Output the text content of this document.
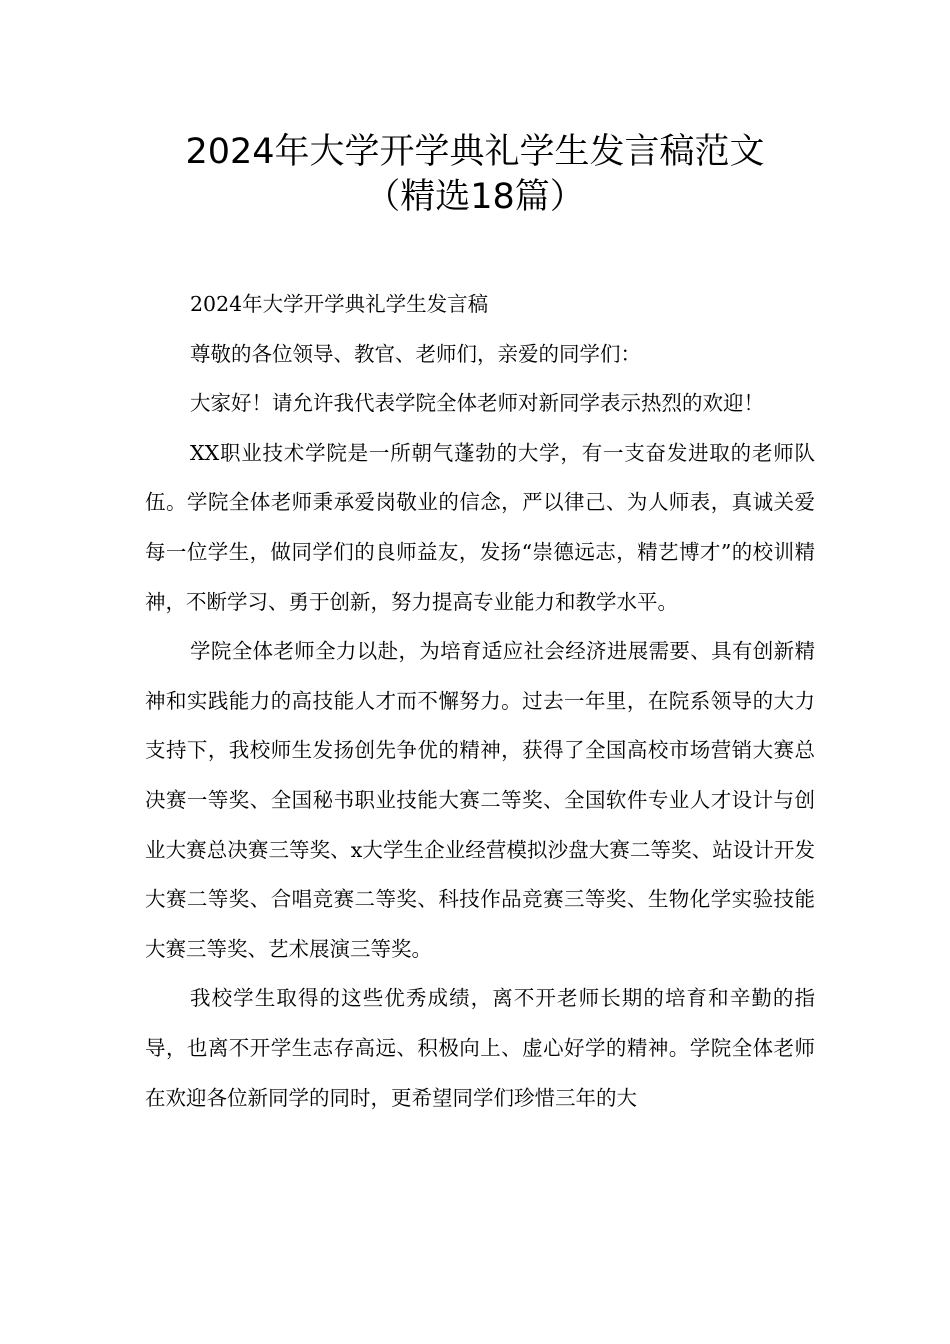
2024年大学开学典礼学生发言稿范文
（精选18篇）

2024年大学开学典礼学生发言稿

尊敬的各位领导、教官、老师们，亲爱的同学们：

大家好！请允许我代表学院全体老师对新同学表示热烈的欢迎！

XX职业技术学院是一所朝气蓬勃的大学，有一支奋发进取的老师队伍。学院全体老师秉承爱岗敬业的信念，严以律己、为人师表，真诚关爱每一位学生，做同学们的良师益友，发扬“崇德远志，精艺博才”的校训精神，不断学习、勇于创新，努力提高专业能力和教学水平。

学院全体老师全力以赴，为培育适应社会经济进展需要、具有创新精神和实践能力的高技能人才而不懈努力。过去一年里，在院系领导的大力支持下，我校师生发扬创先争优的精神，获得了全国高校市场营销大赛总决赛一等奖、全国秘书职业技能大赛二等奖、全国软件专业人才设计与创业大赛总决赛三等奖、x大学生企业经营模拟沙盘大赛二等奖、站设计开发大赛二等奖、合唱竞赛二等奖、科技作品竞赛三等奖、生物化学实验技能大赛三等奖、艺术展演三等奖。

我校学生取得的这些优秀成绩，离不开老师长期的培育和辛勤的指导，也离不开学生志存高远、积极向上、虚心好学的精神。学院全体老师在欢迎各位新同学的同时，更希望同学们珍惜三年的大
